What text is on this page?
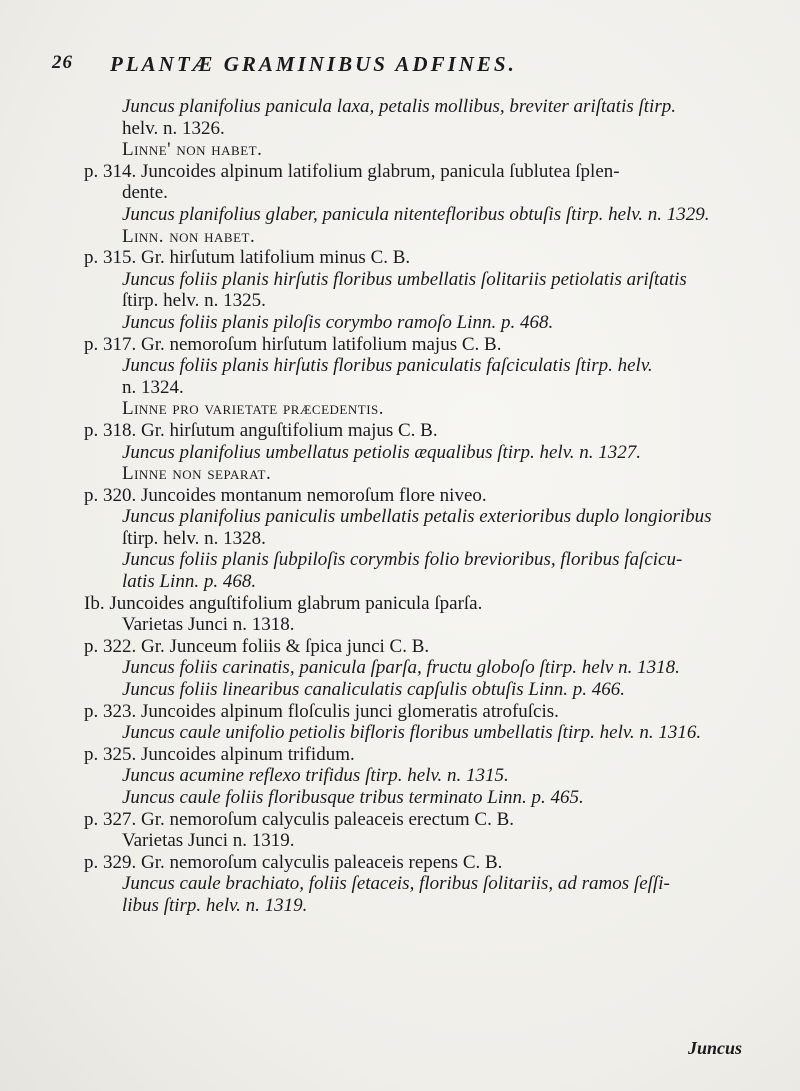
26 PLANTÆ GRAMINIBUS ADFINES.
Juncus planifolius panicula laxa, petalis mollibus, breviter ariſtatis ſtirp.
helv. n. 1326.
Linne' non habet.
p. 314. Juncoides alpinum latifolium glabrum, panicula ſublutea ſplen-
dente.
Juncus planifolius glaber, panicula nitentefloribus obtuſis ſtirp. helv. n. 1329.
Linn. non habet.
p. 315. Gr. hirſutum latifolium minus C. B.
Juncus foliis planis hirſutis floribus umbellatis ſolitariis petiolatis ariſtatis
ſtirp. helv. n. 1325.
Juncus foliis planis piloſis corymbo ramoſo Linn. p. 468.
p. 317. Gr. nemoroſum hirſutum latifolium majus C. B.
Juncus foliis planis hirſutis floribus paniculatis faſciculatis ſtirp. helv.
n. 1324.
Linne pro varietate præcedentis.
p. 318. Gr. hirſutum anguſtifolium majus C. B.
Juncus planifolius umbellatus petiolis æqualibus ſtirp. helv. n. 1327.
Linne non ſeparat.
p. 320. Juncoides montanum nemoroſum flore niveo.
Juncus planifolius paniculis umbellatis petalis exterioribus duplo longioribus
ſtirp. helv. n. 1328.
Juncus foliis planis ſubpiloſis corymbis folio brevioribus, floribus faſcicu-
latis Linn. p. 468.
Ib. Juncoides anguſtifolium glabrum panicula ſparſa.
Varietas Junci n. 1318.
p. 322. Gr. Junceum foliis & ſpica junci C. B.
Juncus foliis carinatis, panicula ſparſa, fructu globoſo ſtirp. helv n. 1318.
Juncus foliis linearibus canaliculatis capſulis obtuſis Linn. p. 466.
p. 323. Juncoides alpinum floſculis junci glomeratis atrofuſcis.
Juncus caule unifolio petiolis bifloris floribus umbellatis ſtirp. helv. n. 1316.
p. 325. Juncoides alpinum trifidum.
Juncus acumine reflexo trifidus ſtirp. helv. n. 1315.
Juncus caule foliis floribusque tribus terminato Linn. p. 465.
p. 327. Gr. nemoroſum calyculis paleaceis erectum C. B.
Varietas Junci n. 1319.
p. 329. Gr. nemoroſum calyculis paleaceis repens C. B.
Juncus caule brachiato, foliis ſetaceis, floribus ſolitariis, ad ramos ſeſſi-
libus ſtirp. helv. n. 1319.
Juncus
